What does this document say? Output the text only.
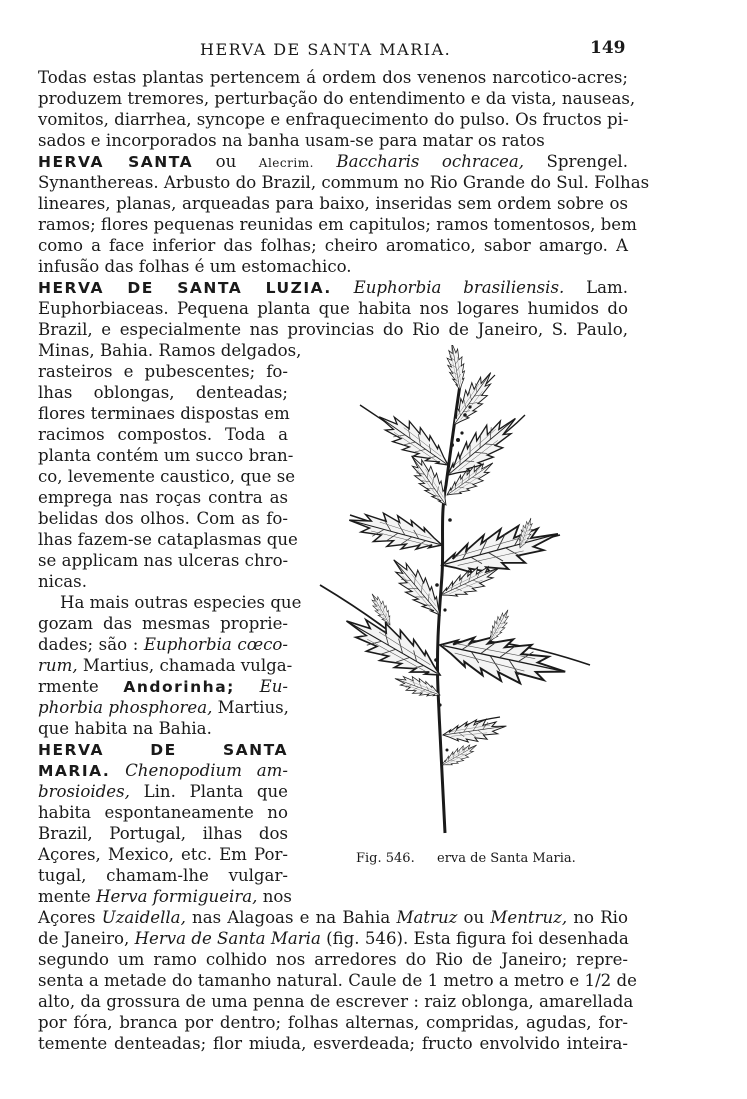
HERVA DE SANTA MARIA.	149
Todas estas plantas pertencem á ordem dos venenos narcotico-acres;
produzem tremores, perturbação do entendimento e da vista, nauseas,
vomitos, diarrhea, syncope e enfraquecimento do pulso. Os fructos pi-
sados e incorporados na banha usam-se para matar os ratos
HERVA SANTA ou Alecrim. Baccharis ochracea, Sprengel.
Synanthereas. Arbusto do Brazil, commum no Rio Grande do Sul. Folhas
lineares, planas, arqueadas para baixo, inseridas sem ordem sobre os
ramos; flores pequenas reunidas em capitulos; ramos tomentosos, bem
como a face inferior das folhas; cheiro aromatico, sabor amargo. A
infusão das folhas é um estomachico.
HERVA DE SANTA LUZIA. Euphorbia brasiliensis. Lam.
Euphorbiaceas. Pequena planta que habita nos logares humidos do
Brazil, e especialmente nas provincias do Rio de Janeiro, S. Paulo,
Minas, Bahia. Ramos delgados,
rasteiros e pubescentes; fo-
lhas oblongas, denteadas;
flores terminaes dispostas em
racimos compostos. Toda a
planta contém um succo bran-
co, levemente caustico, que se
emprega nas roças contra as
belidas dos olhos. Com as fo-
lhas fazem-se cataplasmas que
se applicam nas ulceras chro-
nicas.
Ha mais outras especies que
gozam das mesmas proprie-
dades; são : Euphorbia cœco-
rum, Martius, chamada vulga-
rmente Andorinha; Eu-
phorbia phosphorea, Martius,
que habita na Bahia.
HERVA DE SANTA
MARIA. Chenopodium am-
brosioides, Lin. Planta que
habita espontaneamente no
Brazil, Portugal, ilhas dos
Açores, Mexico, etc. Em Por-
tugal, chamam-lhe vulgar-
mente Herva formigueira, nos
Açores Uzaidella, nas Alagoas e na Bahia Matruz ou Mentruz, no Rio
de Janeiro, Herva de Santa Maria (fig. 546). Esta figura foi desenhada
segundo um ramo colhido nos arredores do Rio de Janeiro; repre-
senta a metade do tamanho natural. Caule de 1 metro a metro e 1/2 de
alto, da grossura de uma penna de escrever : raiz oblonga, amarellada
por fóra, branca por dentro; folhas alternas, compridas, agudas, for-
temente denteadas; flor miuda, esverdeada; fructo envolvido inteira-
Fig. 546. erva de Santa Maria.
